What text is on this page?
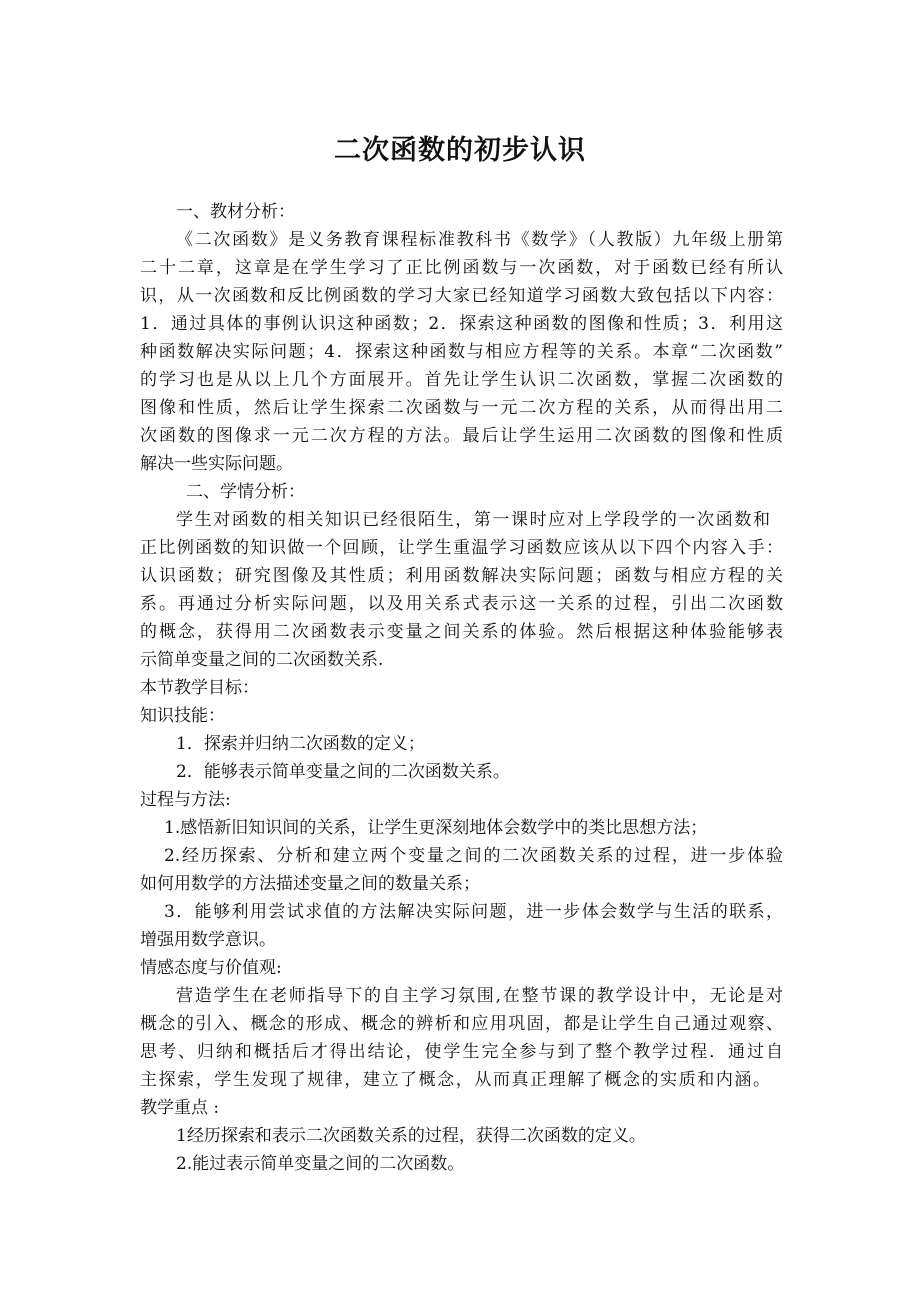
二次函数的初步认识
一、教材分析：
《二次函数》是义务教育课程标准教科书《数学》（人教版）九年级上册第
二十二章，这章是在学生学习了正比例函数与一次函数，对于函数已经有所认
识，从一次函数和反比例函数的学习大家已经知道学习函数大致包括以下内容：
1．通过具体的事例认识这种函数；2．探索这种函数的图像和性质；3．利用这
种函数解决实际问题；4．探索这种函数与相应方程等的关系。本章“二次函数”
的学习也是从以上几个方面展开。首先让学生认识二次函数，掌握二次函数的
图像和性质，然后让学生探索二次函数与一元二次方程的关系，从而得出用二
次函数的图像求一元二次方程的方法。最后让学生运用二次函数的图像和性质
解决一些实际问题。
二、学情分析：
学生对函数的相关知识已经很陌生，第一课时应对上学段学的一次函数和
正比例函数的知识做一个回顾，让学生重温学习函数应该从以下四个内容入手：
认识函数；研究图像及其性质；利用函数解决实际问题；函数与相应方程的关
系。再通过分析实际问题，以及用关系式表示这一关系的过程，引出二次函数
的概念，获得用二次函数表示变量之间关系的体验。然后根据这种体验能够表
示简单变量之间的二次函数关系.
本节教学目标：
知识技能：
1．探索并归纳二次函数的定义；
2．能够表示简单变量之间的二次函数关系。
过程与方法:
1.感悟新旧知识间的关系，让学生更深刻地体会数学中的类比思想方法；
2.经历探索、分析和建立两个变量之间的二次函数关系的过程，进一步体验
如何用数学的方法描述变量之间的数量关系；
3．能够利用尝试求值的方法解决实际问题，进一步体会数学与生活的联系，
增强用数学意识。
情感态度与价值观:
营造学生在老师指导下的自主学习氛围,在整节课的教学设计中，无论是对
概念的引入、概念的形成、概念的辨析和应用巩固，都是让学生自己通过观察、
思考、归纳和概括后才得出结论，使学生完全参与到了整个教学过程．通过自
主探索，学生发现了规律，建立了概念，从而真正理解了概念的实质和内涵。
教学重点 :
1经历探索和表示二次函数关系的过程，获得二次函数的定义。
2.能过表示简单变量之间的二次函数。
